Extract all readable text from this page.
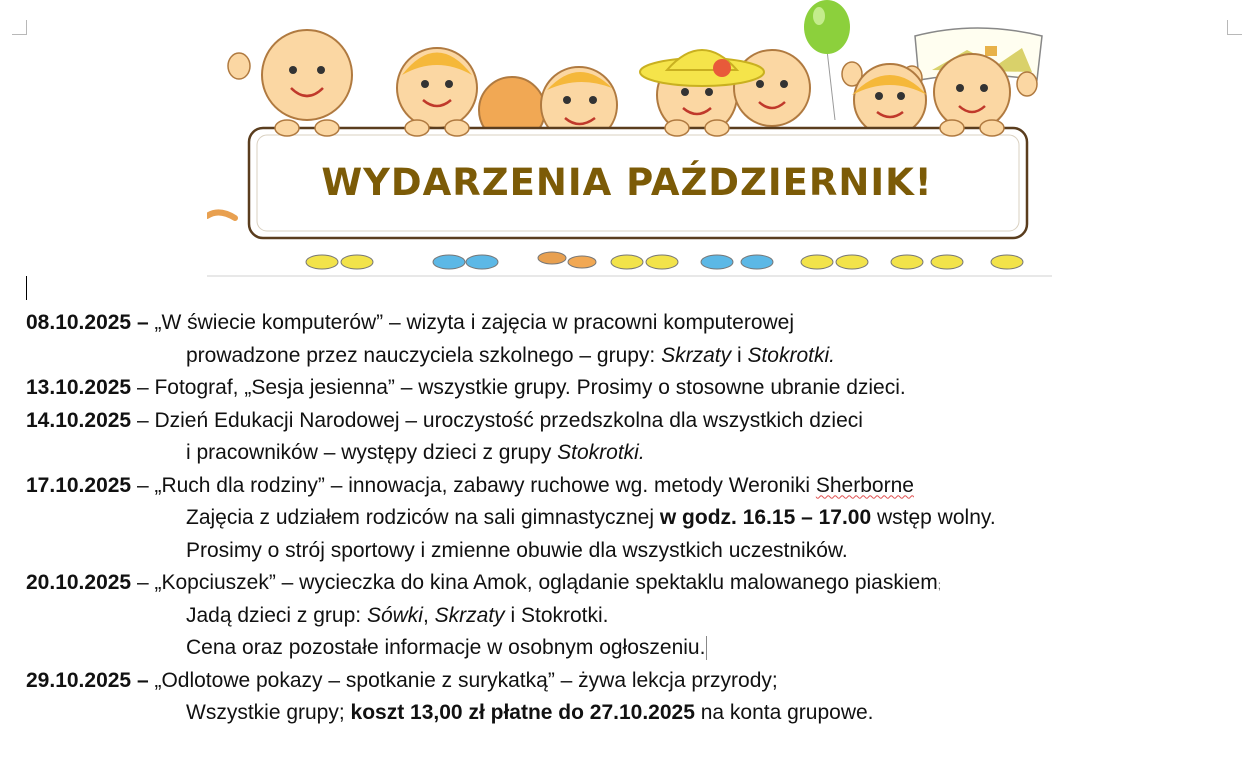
WYDARZENIA PAŹDZIERNIK!
08.10.2025 – „W świecie komputerów” – wizyta i zajęcia w pracowni komputerowej
prowadzone przez nauczyciela szkolnego – grupy: Skrzaty i Stokrotki.
13.10.2025 – Fotograf, „Sesja jesienna” – wszystkie grupy. Prosimy o stosowne ubranie dzieci.
14.10.2025 – Dzień Edukacji Narodowej – uroczystość przedszkolna dla wszystkich dzieci
i pracowników – występy dzieci z grupy Stokrotki.
17.10.2025 – „Ruch dla rodziny” – innowacja, zabawy ruchowe wg. metody Weroniki Sherborne
Zajęcia z udziałem rodziców na sali gimnastycznej w godz. 16.15 – 17.00 wstęp wolny.
Prosimy o strój sportowy i zmienne obuwie dla wszystkich uczestników.
20.10.2025 – „Kopciuszek” – wycieczka do kina Amok, oglądanie spektaklu malowanego piaskiem;
Jadą dzieci z grup: Sówki, Skrzaty i Stokrotki.
Cena oraz pozostałe informacje w osobnym ogłoszeniu.
29.10.2025 – „Odlotowe pokazy – spotkanie z surykatką” – żywa lekcja przyrody;
Wszystkie grupy; koszt 13,00 zł płatne do 27.10.2025 na konta grupowe.
